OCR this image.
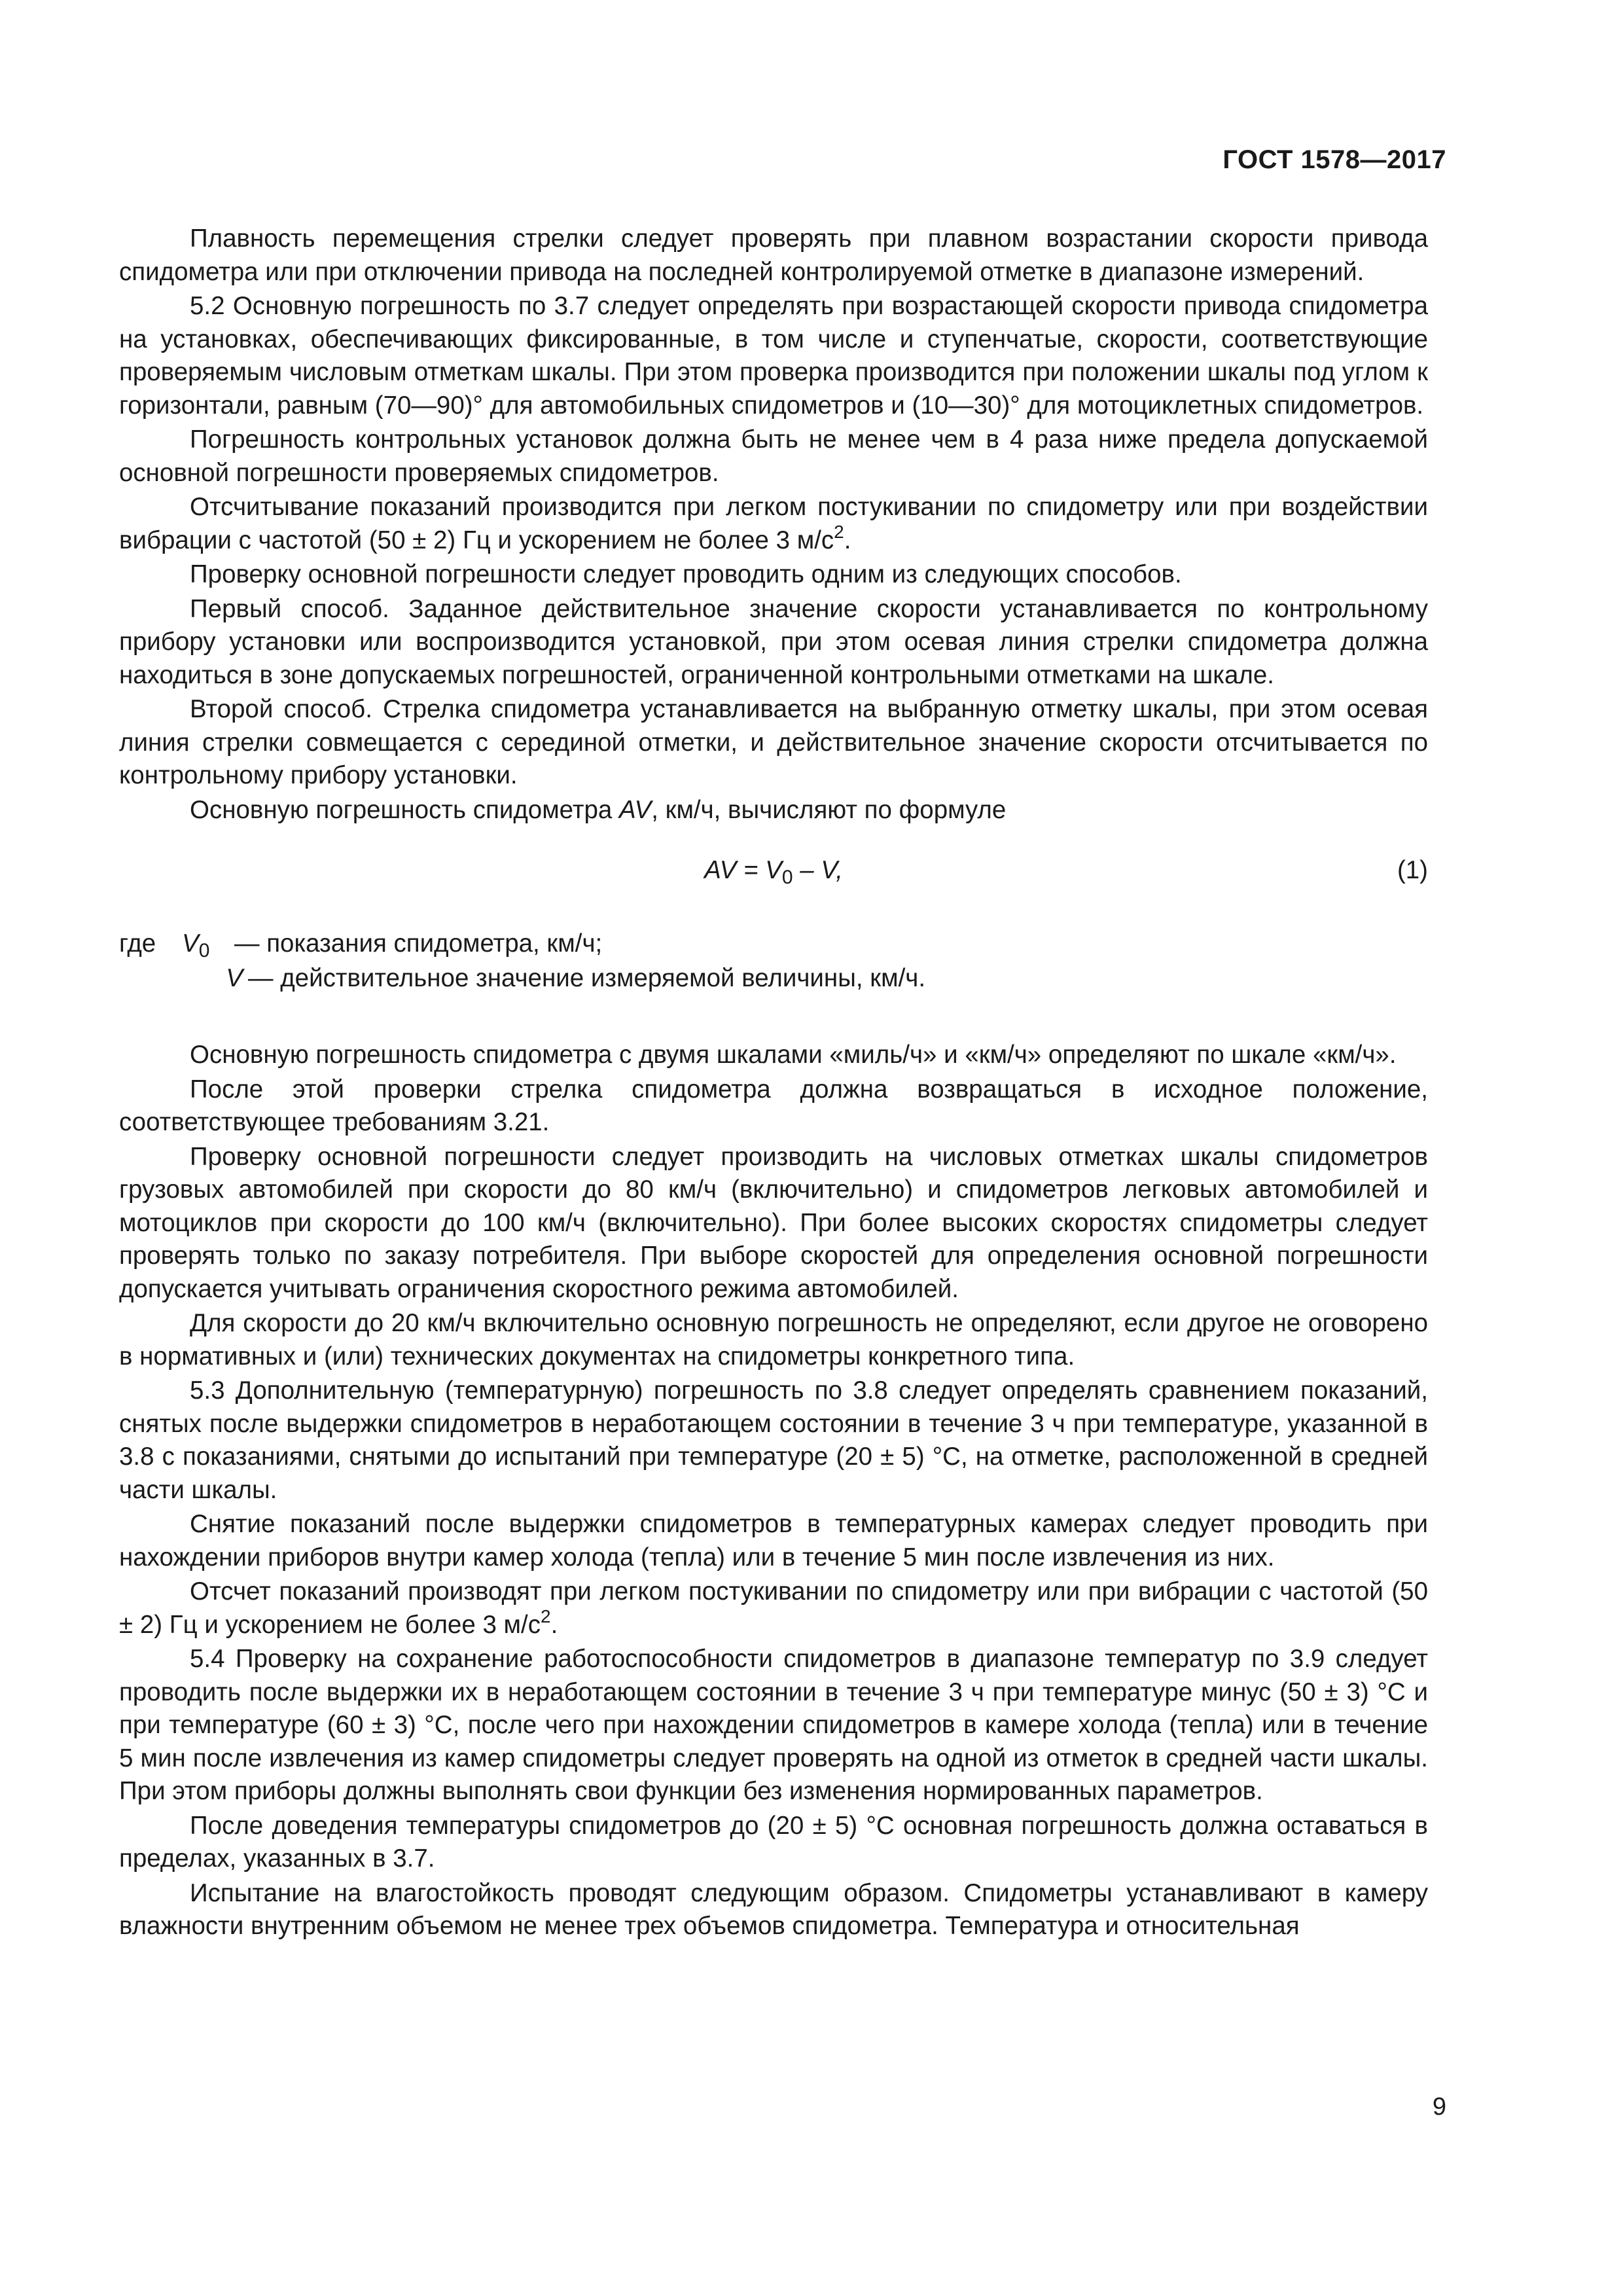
ГОСТ 1578—2017

Плавность перемещения стрелки следует проверять при плавном возрастании скорости привода спидометра или при отключении привода на последней контролируемой отметке в диапазоне измерений.

5.2 Основную погрешность по 3.7 следует определять при возрастающей скорости привода спидометра на установках, обеспечивающих фиксированные, в том числе и ступенчатые, скорости, соответствующие проверяемым числовым отметкам шкалы. При этом проверка производится при положении шкалы под углом к горизонтали, равным (70—90)° для автомобильных спидометров и (10—30)° для мотоциклетных спидометров.

Погрешность контрольных установок должна быть не менее чем в 4 раза ниже предела допускаемой основной погрешности проверяемых спидометров.

Отсчитывание показаний производится при легком постукивании по спидометру или при воздействии вибрации с частотой (50 ± 2) Гц и ускорением не более 3 $м/с^2$.

Проверку основной погрешности следует проводить одним из следующих способов.

Первый способ. Заданное действительное значение скорости устанавливается по контрольному прибору установки или воспроизводится установкой, при этом осевая линия стрелки спидометра должна находиться в зоне допускаемых погрешностей, ограниченной контрольными отметками на шкале.

Второй способ. Стрелка спидометра устанавливается на выбранную отметку шкалы, при этом осевая линия стрелки совмещается с серединой отметки, и действительное значение скорости отсчитывается по контрольному прибору установки.

Основную погрешность спидометра AV, км/ч, вычисляют по формуле

AV = $V_0$ – V,	(1)
где	$V_0$ — показания спидометра, км/ч;
V — действительное значение измеряемой величины, км/ч.

Основную погрешность спидометра с двумя шкалами «миль/ч» и «км/ч» определяют по шкале «км/ч».

После этой проверки стрелка спидометра должна возвращаться в исходное положение, соответствующее требованиям 3.21.

Проверку основной погрешности следует производить на числовых отметках шкалы спидометров грузовых автомобилей при скорости до 80 км/ч (включительно) и спидометров легковых автомобилей и мотоциклов при скорости до 100 км/ч (включительно). При более высоких скоростях спидометры следует проверять только по заказу потребителя. При выборе скоростей для определения основной погрешности допускается учитывать ограничения скоростного режима автомобилей.

Для скорости до 20 км/ч включительно основную погрешность не определяют, если другое не оговорено в нормативных и (или) технических документах на спидометры конкретного типа.

5.3 Дополнительную (температурную) погрешность по 3.8 следует определять сравнением показаний, снятых после выдержки спидометров в неработающем состоянии в течение 3 ч при температуре, указанной в 3.8 с показаниями, снятыми до испытаний при температуре (20 ± 5) °С, на отметке, расположенной в средней части шкалы.

Снятие показаний после выдержки спидометров в температурных камерах следует проводить при нахождении приборов внутри камер холода (тепла) или в течение 5 мин после извлечения из них.

Отсчет показаний производят при легком постукивании по спидометру или при вибрации с частотой (50 ± 2) Гц и ускорением не более 3 $м/с^2$.

5.4 Проверку на сохранение работоспособности спидометров в диапазоне температур по 3.9 следует проводить после выдержки их в неработающем состоянии в течение 3 ч при температуре минус (50 ± 3) °С и при температуре (60 ± 3) °С, после чего при нахождении спидометров в камере холода (тепла) или в течение 5 мин после извлечения из камер спидометры следует проверять на одной из отметок в средней части шкалы. При этом приборы должны выполнять свои функции без изменения нормированных параметров.

После доведения температуры спидометров до (20 ± 5) °С основная погрешность должна оставаться в пределах, указанных в 3.7.

Испытание на влагостойкость проводят следующим образом. Спидометры устанавливают в камеру влажности внутренним объемом не менее трех объемов спидометра. Температура и относительная

9
